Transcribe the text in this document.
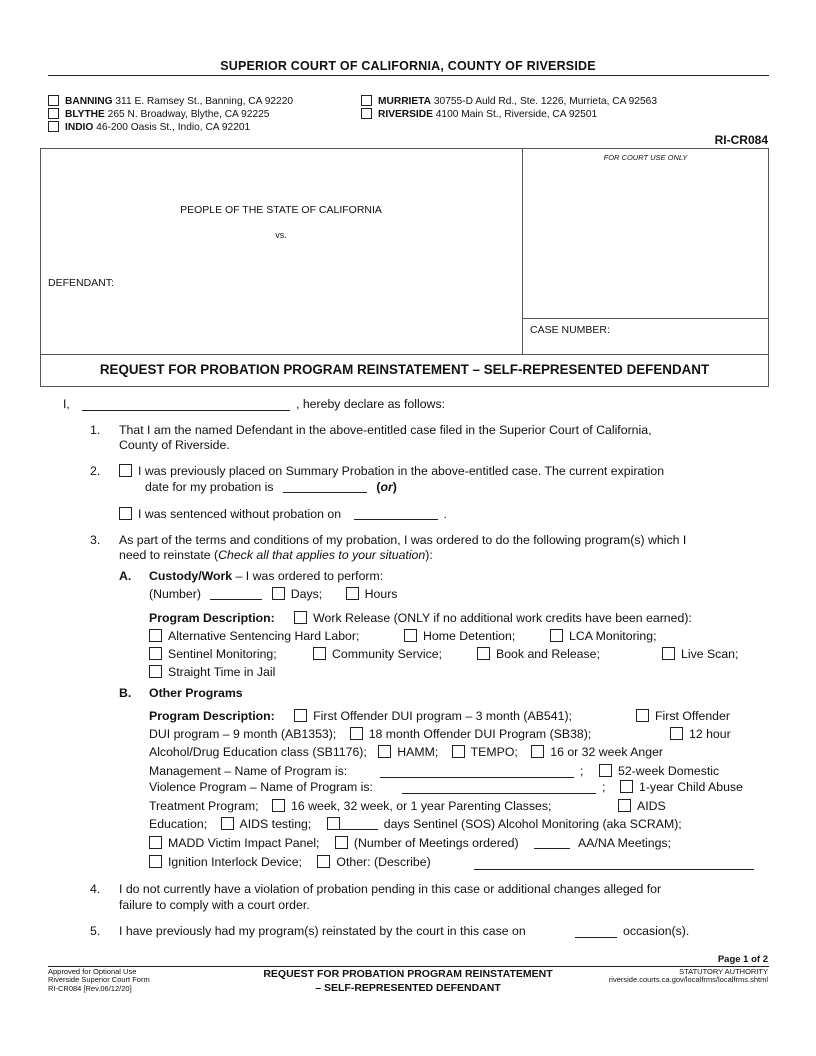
SUPERIOR COURT OF CALIFORNIA, COUNTY OF RIVERSIDE
BANNING 311 E. Ramsey St., Banning, CA 92220
BLYTHE 265 N. Broadway, Blythe, CA 92225
INDIO 46-200 Oasis St., Indio, CA 92201
MURRIETA 30755-D Auld Rd., Ste. 1226, Murrieta, CA 92563
RIVERSIDE 4100 Main St., Riverside, CA 92501
RI-CR084
FOR COURT USE ONLY
PEOPLE OF THE STATE OF CALIFORNIA
vs.
DEFENDANT:
CASE NUMBER:
REQUEST FOR PROBATION PROGRAM REINSTATEMENT – SELF-REPRESENTED DEFENDANT
I,	, hereby declare as follows:
1. That I am the named Defendant in the above-entitled case filed in the Superior Court of California,
County of Riverside.
2.	I was previously placed on Summary Probation in the above-entitled case. The current expiration
date for my probation is	(or)
I was sentenced without probation on	.
3. As part of the terms and conditions of my probation, I was ordered to do the following program(s) which I
need to reinstate (Check all that applies to your situation):
A. Custody/Work – I was ordered to perform:
(Number)	Days;	Hours
Program Description:	Work Release (ONLY if no additional work credits have been earned):
Alternative Sentencing Hard Labor;	Home Detention;	LCA Monitoring;
Sentinel Monitoring;	Community Service;	Book and Release;	Live Scan;
Straight Time in Jail
B. Other Programs
Program Description:	First Offender DUI program – 3 month (AB541);	First Offender
DUI program – 9 month (AB1353);	18 month Offender DUI Program (SB38);	12 hour
Alcohol/Drug Education class (SB1176); HAMM;	TEMPO;	16 or 32 week Anger
Management – Name of Program is:	;	52-week Domestic
Violence Program – Name of Program is:	;	1-year Child Abuse
Treatment Program;	16 week, 32 week, or 1 year Parenting Classes;	AIDS
Education;	AIDS testing;	days Sentinel (SOS) Alcohol Monitoring (aka SCRAM);
MADD Victim Impact Panel;	(Number of Meetings ordered)	AA/NA Meetings;
Ignition Interlock Device;	Other: (Describe)
4. I do not currently have a violation of probation pending in this case or additional changes alleged for
failure to comply with a court order.
5. I have previously had my program(s) reinstated by the court in this case on	occasion(s).
Page 1 of 2
Approved for Optional Use
Riverside Superior Court Form
RI-CR084 [Rev.06/12/20]
REQUEST FOR PROBATION PROGRAM REINSTATEMENT
– SELF-REPRESENTED DEFENDANT
STATUTORY AUTHORITY
riverside.courts.ca.gov/localfrms/localfrms.shtml
